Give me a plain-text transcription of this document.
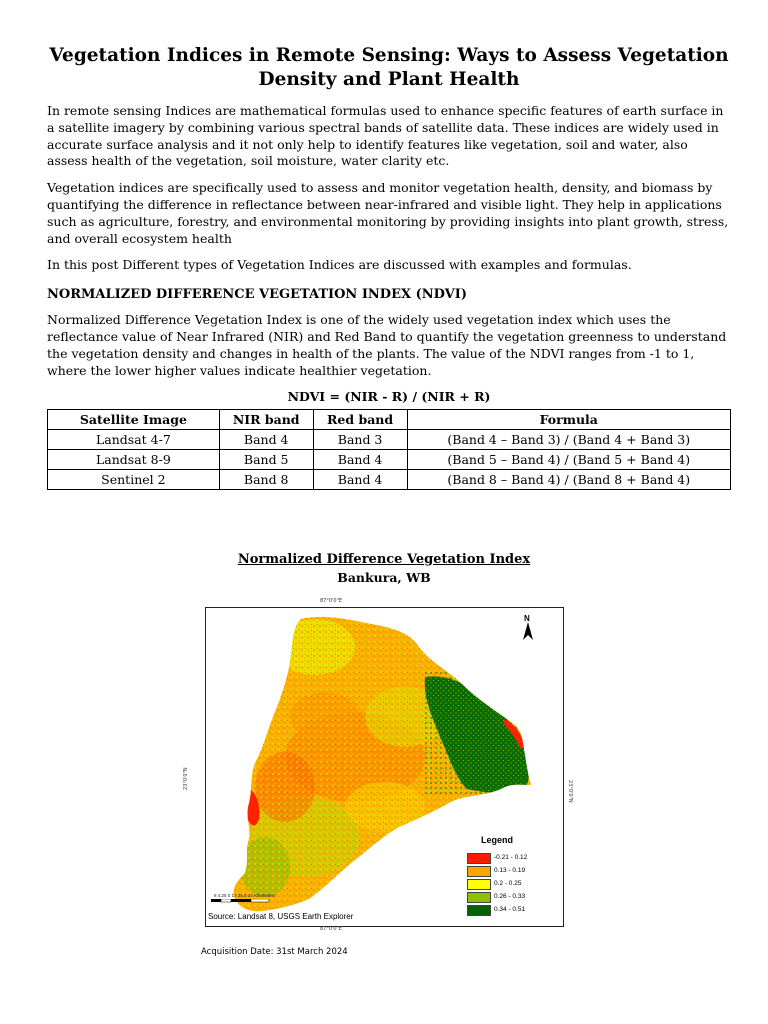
Vegetation Indices in Remote Sensing: Ways to Assess Vegetation Density and Plant Health

In remote sensing Indices are mathematical formulas used to enhance specific features of earth surface in a satellite imagery by combining various spectral bands of satellite data. These indices are widely used in accurate surface analysis and it not only help to identify features like vegetation, soil and water, also assess health of the vegetation, soil moisture, water clarity etc.

Vegetation indices are specifically used to assess and monitor vegetation health, density, and biomass by quantifying the difference in reflectance between near-infrared and visible light. They help in applications such as agriculture, forestry, and environmental monitoring by providing insights into plant growth, stress, and overall ecosystem health

In this post Different types of Vegetation Indices are discussed with examples and formulas.

NORMALIZED DIFFERENCE VEGETATION INDEX (NDVI)

Normalized Difference Vegetation Index is one of the widely used vegetation index which uses the reflectance value of Near Infrared (NIR) and Red Band to quantify the vegetation greenness to understand the vegetation density and changes in health of the plants. The value of the NDVI ranges from -1 to 1, where the lower higher values indicate healthier vegetation.

NDVI = (NIR - R) / (NIR + R)
Satellite Image	NIR band	Red band	Formula
Landsat 4-7	Band 4	Band 3	(Band 4 – Band 3) / (Band 4 + Band 3)
Landsat 8-9	Band 5	Band 4	(Band 5 – Band 4) / (Band 5 + Band 4)
Sentinel 2	Band 8	Band 4	(Band 8 – Band 4) / (Band 8 + Band 4)
Normalized Difference Vegetation Index
Bankura, WB
87°0'0"E
87°0'0"E
23°0'0"N
23°0'0"N
N
8 4.25 0 17 25.5 34 Kilometers
Legend
-0.21 - 0.12
0.13 - 0.19
0.2 - 0.25
0.26 - 0.33
0.34 - 0.51
Source: Landsat 8, USGS Earth Explorer
Acquisition Date: 31st March 2024
